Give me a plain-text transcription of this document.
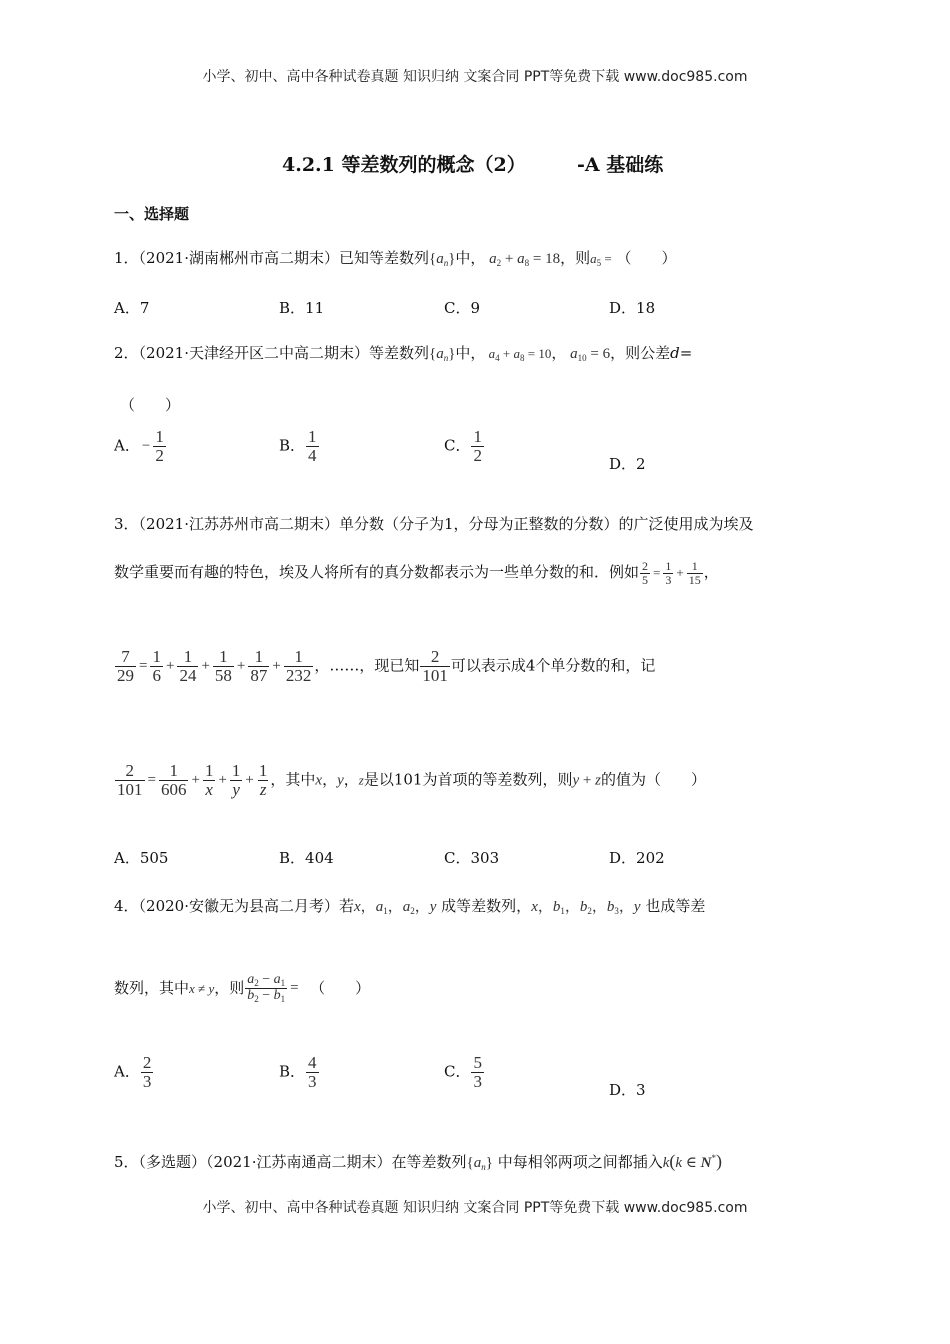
小学、初中、高中各种试卷真题 知识归纳 文案合同 PPT等免费下载 www.doc985.com
4.2.1 等差数列的概念（2）	-A 基础练
一、选择题
1．（2021·湖南郴州市高二期末）已知等差数列$\{a_n\}$中， $a_2 + a_8 = 18$，则$a_5$ = （　　）
A．7	B．11	C．9	D．18
2．（2021·天津经开区二中高二期末）等差数列$\{a_n\}$中， $a_4 + a_8 = 10$， $a_{10} = 6$，则公差d=
（　　）
A． − $\frac{1}{2}$	B． $\frac{1}{4}$	C． $\frac{1}{2}$	D．2
3．（2021·江苏苏州市高二期末）单分数（分子为1，分母为正整数的分数）的广泛使用成为埃及
数学重要而有趣的特色，埃及人将所有的真分数都表示为一些单分数的和．例如 $\frac{2}{5} = \frac{1}{3} + \frac{1}{15}$ ，
$\frac{7}{29} = \frac{1}{6} + \frac{1}{24} + \frac{1}{58} + \frac{1}{87} + \frac{1}{232}$ ，……，现已知 $\frac{2}{101}$ 可以表示成4个单分数的和，记
$\frac{2}{101} = \frac{1}{606} + \frac{1}{x} + \frac{1}{y} + \frac{1}{z}$ ，其中x，y，z是以101为首项的等差数列，则y + z的值为（　　）
A．505	B．404	C．303	D．202
4．（2020·安徽无为县高二月考）若x，$a_1$，$a_2$，y 成等差数列，x，$b_1$，$b_2$，$b_3$，y 也成等差
数列，其中x ≠ y，则 $\frac{a_2 - a_1}{b_2 - b_1}$ = （　　）
A． $\frac{2}{3}$	B． $\frac{4}{3}$	C． $\frac{5}{3}$	D．3
5．（多选题）（2021·江苏南通高二期末）在等差数列$\{a_n\}$ 中每相邻两项之间都插入k(k ∈ N*)
小学、初中、高中各种试卷真题 知识归纳 文案合同 PPT等免费下载 www.doc985.com
